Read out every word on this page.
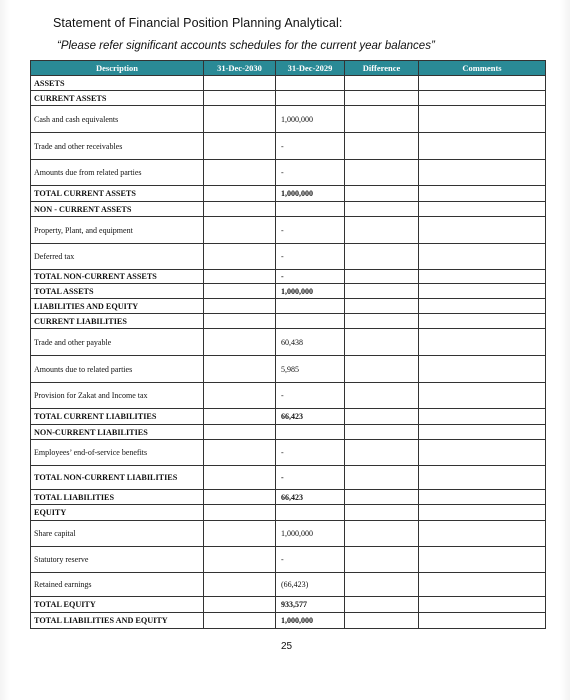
Statement of Financial Position Planning Analytical:
“Please refer significant accounts schedules for the current year balances”
Description	31-Dec-2030	31-Dec-2029	Difference	Comments
ASSETS				
CURRENT ASSETS				
Cash and cash equivalents		1,000,000		
Trade and other receivables		-		
Amounts due from related parties		-		
TOTAL CURRENT ASSETS		1,000,000		
NON - CURRENT ASSETS				
Property, Plant, and equipment		-		
Deferred tax		-		
TOTAL NON-CURRENT ASSETS		-		
TOTAL ASSETS		1,000,000		
LIABILITIES AND EQUITY				
CURRENT LIABILITIES				
Trade and other payable		60,438		
Amounts due to related parties		5,985		
Provision for Zakat and Income tax		-		
TOTAL CURRENT LIABILITIES		66,423		
NON-CURRENT LIABILITIES				
Employees’ end-of-service benefits		-		
TOTAL NON-CURRENT LIABILITIES		-		
TOTAL LIABILITIES		66,423		
EQUITY				
Share capital		1,000,000		
Statutory reserve		-		
Retained earnings		(66,423)		
TOTAL EQUITY		933,577		
TOTAL LIABILITIES AND EQUITY		1,000,000		
25
